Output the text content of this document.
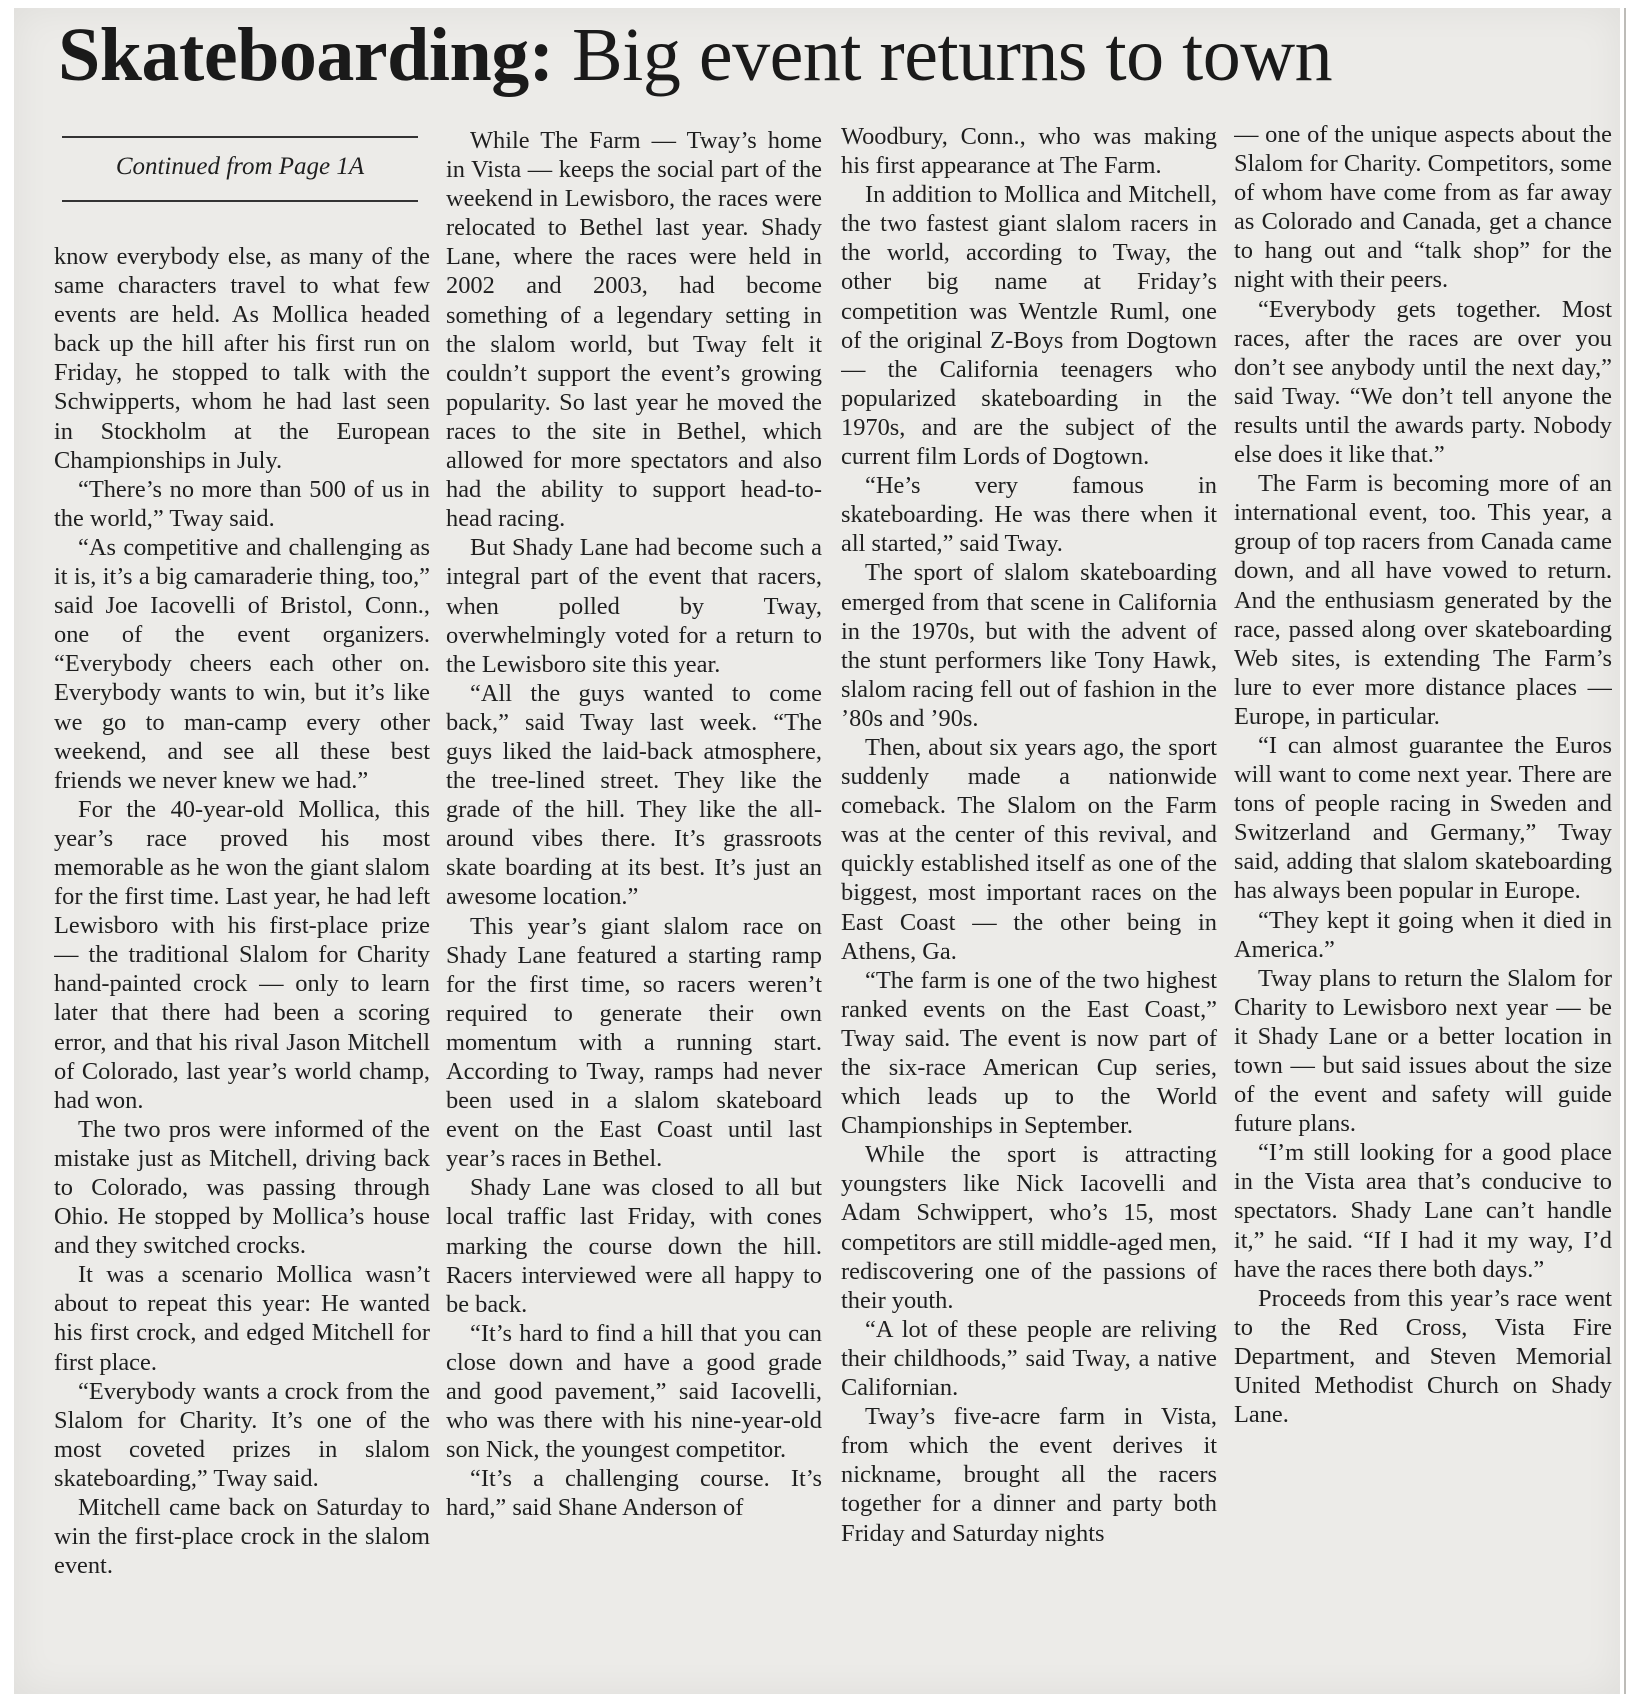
Skateboarding: Big event returns to town
Continued from Page 1A

know everybody else, as many of the same characters travel to what few events are held. As Mollica headed back up the hill after his first run on Friday, he stopped to talk with the Schwipperts, whom he had last seen in Stockholm at the European Championships in July.

“There’s no more than 500 of us in the world,” Tway said.

“As competitive and challenging as it is, it’s a big camaraderie thing, too,” said Joe Iacovelli of Bristol, Conn., one of the event organizers. “Everybody cheers each other on. Everybody wants to win, but it’s like we go to man-camp every other weekend, and see all these best friends we never knew we had.”

For the 40-year-old Mollica, this year’s race proved his most memorable as he won the giant slalom for the first time. Last year, he had left Lewisboro with his first-place prize — the traditional Slalom for Charity hand-painted crock — only to learn later that there had been a scoring error, and that his rival Jason Mitchell of Colorado, last year’s world champ, had won.

The two pros were informed of the mistake just as Mitchell, driving back to Colorado, was passing through Ohio. He stopped by Mollica’s house and they switched crocks.

It was a scenario Mollica wasn’t about to repeat this year: He wanted his first crock, and edged Mitchell for first place.

“Everybody wants a crock from the Slalom for Charity. It’s one of the most coveted prizes in slalom skateboarding,” Tway said.

Mitchell came back on Saturday to win the first-place crock in the slalom event.

While The Farm — Tway’s home in Vista — keeps the social part of the weekend in Lewisboro, the races were relocated to Bethel last year. Shady Lane, where the races were held in 2002 and 2003, had become something of a legendary setting in the slalom world, but Tway felt it couldn’t support the event’s growing popularity. So last year he moved the races to the site in Bethel, which allowed for more spectators and also had the ability to support head-to-head racing.

But Shady Lane had become such a integral part of the event that racers, when polled by Tway, overwhelmingly voted for a return to the Lewisboro site this year.

“All the guys wanted to come back,” said Tway last week. “The guys liked the laid-back atmosphere, the tree-lined street. They like the grade of the hill. They like the all-around vibes there. It’s grassroots skate boarding at its best. It’s just an awesome location.”

This year’s giant slalom race on Shady Lane featured a starting ramp for the first time, so racers weren’t required to generate their own momentum with a running start. According to Tway, ramps had never been used in a slalom skateboard event on the East Coast until last year’s races in Bethel.

Shady Lane was closed to all but local traffic last Friday, with cones marking the course down the hill. Racers interviewed were all happy to be back.

“It’s hard to find a hill that you can close down and have a good grade and good pavement,” said Iacovelli, who was there with his nine-year-old son Nick, the youngest competitor.

“It’s a challenging course. It’s hard,” said Shane Anderson of

Woodbury, Conn., who was making his first appearance at The Farm.

In addition to Mollica and Mitchell, the two fastest giant slalom racers in the world, according to Tway, the other big name at Friday’s competition was Wentzle Ruml, one of the original Z-Boys from Dogtown — the California teenagers who popularized skateboarding in the 1970s, and are the subject of the current film Lords of Dogtown.

“He’s very famous in skateboarding. He was there when it all started,” said Tway.

The sport of slalom skateboarding emerged from that scene in California in the 1970s, but with the advent of the stunt performers like Tony Hawk, slalom racing fell out of fashion in the ’80s and ’90s.

Then, about six years ago, the sport suddenly made a nationwide comeback. The Slalom on the Farm was at the center of this revival, and quickly established itself as one of the biggest, most important races on the East Coast — the other being in Athens, Ga.

“The farm is one of the two highest ranked events on the East Coast,” Tway said. The event is now part of the six-race American Cup series, which leads up to the World Championships in September.

While the sport is attracting youngsters like Nick Iacovelli and Adam Schwippert, who’s 15, most competitors are still middle-aged men, rediscovering one of the passions of their youth.

“A lot of these people are reliving their childhoods,” said Tway, a native Californian.

Tway’s five-acre farm in Vista, from which the event derives it nickname, brought all the racers together for a dinner and party both Friday and Saturday nights

— one of the unique aspects about the Slalom for Charity. Competitors, some of whom have come from as far away as Colorado and Canada, get a chance to hang out and “talk shop” for the night with their peers.

“Everybody gets together. Most races, after the races are over you don’t see anybody until the next day,” said Tway. “We don’t tell anyone the results until the awards party. Nobody else does it like that.”

The Farm is becoming more of an international event, too. This year, a group of top racers from Canada came down, and all have vowed to return. And the enthusiasm generated by the race, passed along over skateboarding Web sites, is extending The Farm’s lure to ever more distance places — Europe, in particular.

“I can almost guarantee the Euros will want to come next year. There are tons of people racing in Sweden and Switzerland and Germany,” Tway said, adding that slalom skateboarding has always been popular in Europe.

“They kept it going when it died in America.”

Tway plans to return the Slalom for Charity to Lewisboro next year — be it Shady Lane or a better location in town — but said issues about the size of the event and safety will guide future plans.

“I’m still looking for a good place in the Vista area that’s conducive to spectators. Shady Lane can’t handle it,” he said. “If I had it my way, I’d have the races there both days.”

Proceeds from this year’s race went to the Red Cross, Vista Fire Department, and Steven Memorial United Methodist Church on Shady Lane.
